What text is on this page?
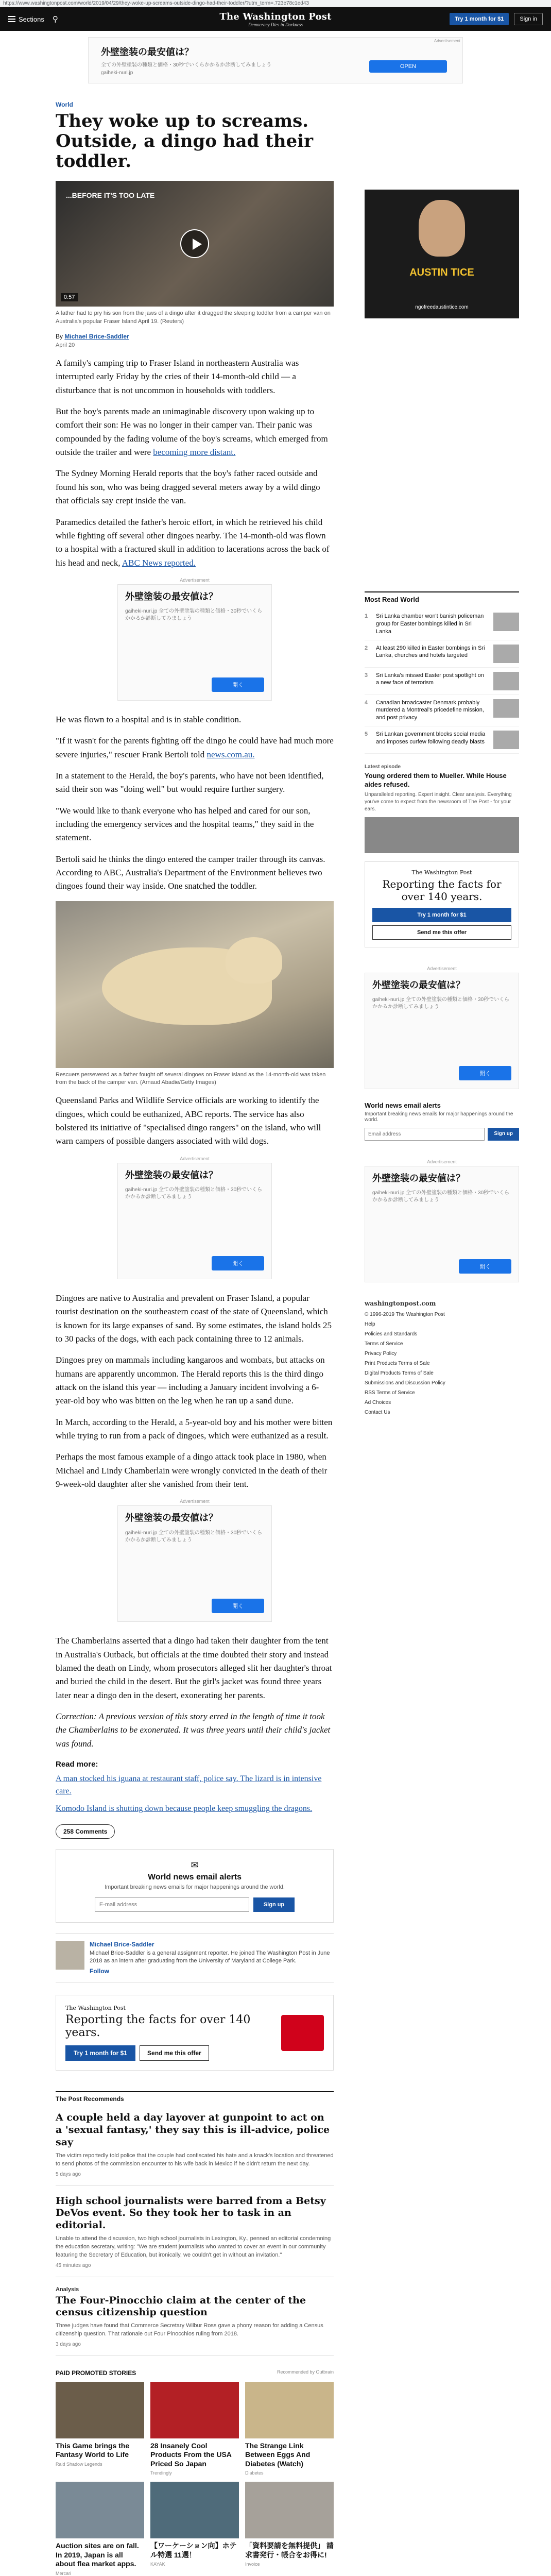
https://www.washingtonpost.com/world/2019/04/29/they-woke-up-screams-outside-dingo-had-their-toddler/?utm_term=.723e78c1ed43
Sections ⚲	The Washington Post
Democracy Dies in Darkness
Try 1 month for $1	Sign in
Advertisement
外壁塗装の最安値は？
全ての外壁塗装の種類と価格・30秒でいくらかかるか診断してみましょう
gaiheki-nuri.jp
OPEN
World
They woke up to screams. Outside, a dingo had their toddler.
...BEFORE IT'S TOO LATE
0:57
A father had to pry his son from the jaws of a dingo after it dragged the sleeping toddler from a camper van on Australia's popular Fraser Island April 19. (Reuters)
By Michael Brice-Saddler
April 20

A family's camping trip to Fraser Island in northeastern Australia was interrupted early Friday by the cries of their 14-month-old child — a disturbance that is not uncommon in households with toddlers.

But the boy's parents made an unimaginable discovery upon waking up to comfort their son: He was no longer in their camper van. Their panic was compounded by the fading volume of the boy's screams, which emerged from outside the trailer and were becoming more distant.

The Sydney Morning Herald reports that the boy's father raced outside and found his son, who was being dragged several meters away by a wild dingo that officials say crept inside the van.

Paramedics detailed the father's heroic effort, in which he retrieved his child while fighting off several other dingoes nearby. The 14-month-old was flown to a hospital with a fractured skull in addition to lacerations across the back of his head and neck, ABC News reported.

Advertisement
外壁塗装の最安値は？
gaiheki-nuri.jp 全ての外壁塗装の種類と価格・30秒でいくらかかるか診断してみましょう
開く

He was flown to a hospital and is in stable condition.

"If it wasn't for the parents fighting off the dingo he could have had much more severe injuries," rescuer Frank Bertoli told news.com.au.

In a statement to the Herald, the boy's parents, who have not been identified, said their son was "doing well" but would require further surgery.

"We would like to thank everyone who has helped and cared for our son, including the emergency services and the hospital teams," they said in the statement.

Bertoli said he thinks the dingo entered the camper trailer through its canvas. According to ABC, Australia's Department of the Environment believes two dingoes found their way inside. One snatched the toddler.

Rescuers persevered as a father fought off several dingoes on Fraser Island as the 14-month-old was taken from the back of the camper van. (Arnaud Abadie/Getty Images)

Queensland Parks and Wildlife Service officials are working to identify the dingoes, which could be euthanized, ABC reports. The service has also bolstered its initiative of "specialised dingo rangers" on the island, who will warn campers of possible dangers associated with wild dogs.

Advertisement
外壁塗装の最安値は？
gaiheki-nuri.jp 全ての外壁塗装の種類と価格・30秒でいくらかかるか診断してみましょう
開く

Dingoes are native to Australia and prevalent on Fraser Island, a popular tourist destination on the southeastern coast of the state of Queensland, which is known for its large expanses of sand. By some estimates, the island holds 25 to 30 packs of the dogs, with each pack containing three to 12 animals.

Dingoes prey on mammals including kangaroos and wombats, but attacks on humans are apparently uncommon. The Herald reports this is the third dingo attack on the island this year — including a January incident involving a 6-year-old boy who was bitten on the leg when he ran up a sand dune.

In March, according to the Herald, a 5-year-old boy and his mother were bitten while trying to run from a pack of dingoes, which were euthanized as a result.

Perhaps the most famous example of a dingo attack took place in 1980, when Michael and Lindy Chamberlain were wrongly convicted in the death of their 9-week-old daughter after she vanished from their tent.

Advertisement
外壁塗装の最安値は？
gaiheki-nuri.jp 全ての外壁塗装の種類と価格・30秒でいくらかかるか診断してみましょう
開く

The Chamberlains asserted that a dingo had taken their daughter from the tent in Australia's Outback, but officials at the time doubted their story and instead blamed the death on Lindy, whom prosecutors alleged slit her daughter's throat and buried the child in the desert. But the girl's jacket was found three years later near a dingo den in the desert, exonerating her parents.

Correction: A previous version of this story erred in the length of time it took the Chamberlains to be exonerated. It was three years until their child's jacket was found.

Read more:
A man stocked his iguana at restaurant staff, police say. The lizard is in intensive care.
Komodo Island is shutting down because people keep smuggling the dragons.
258 Comments
✉
World news email alerts
Important breaking news emails for major happenings around the world.
E-mail address	Sign up
Michael Brice-Saddler
Michael Brice-Saddler is a general assignment reporter. He joined The Washington Post in June 2018 as an intern after graduating from the University of Maryland at College Park.
Follow
The Washington Post
Reporting the facts for over 140 years.
Try 1 month for $1	Send me this offer
The Post Recommends
A couple held a day layover at gunpoint to act on a 'sexual fantasy,' they say this is ill-advice, police say
The victim reportedly told police that the couple had confiscated his hate and a knack's location and threatened to send photos of the commission encounter to his wife back in Mexico if he didn't return the next day.
5 days ago
High school journalists were barred from a Betsy DeVos event. So they took her to task in an editorial.
Unable to attend the discussion, two high school journalists in Lexington, Ky., penned an editorial condemning the education secretary, writing: "We are student journalists who wanted to cover an event in our community featuring the Secretary of Education, but ironically, we couldn't get in without an invitation."
45 minutes ago
Analysis
The Four-Pinocchio claim at the center of the census citizenship question
Three judges have found that Commerce Secretary Wilbur Ross gave a phony reason for adding a Census citizenship question. That rationale out Four Pinocchios ruling from 2018.
3 days ago
PAID PROMOTED STORIES	Recommended by Outbrain
This Game brings the Fantasy World to Life
Raid Shadow Legends
28 Insanely Cool Products From the USA Priced So Japan
Trendingly
The Strange Link Between Eggs And Diabetes (Watch)
Diabetes
Auction sites are on fall. In 2019, Japan is all about flea market apps.
Mercari
【ワーケーション向】ホテル特選 11選！
KAYAK
「資料要請を無料提供」 請求書発行・帳合をお得に!
Invoice
AUSTIN TICE
ngofreedaustintice.com
Most Read World
1	Sri Lanka chamber won't banish policeman group for Easter bombings killed in Sri Lanka
2	At least 290 killed in Easter bombings in Sri Lanka, churches and hotels targeted
3	Sri Lanka's missed Easter post spotlight on a new face of terrorism
4	Canadian broadcaster Denmark probably murdered a Montreal's pricedefine mission, and post privacy
5	Sri Lankan government blocks social media and imposes curfew following deadly blasts
Latest episode
Young ordered them to Mueller. While House aides refused.
Unparalleled reporting. Expert insight. Clear analysis. Everything you've come to expect from the newsroom of The Post - for your ears.
The Washington Post
Reporting the facts for over 140 years.
Try 1 month for $1
Send me this offer
Advertisement
外壁塗装の最安値は？
gaiheki-nuri.jp 全ての外壁塗装の種類と価格・30秒でいくらかかるか診断してみましょう
開く
World news email alerts
Important breaking news emails for major happenings around the world.
Email address	Sign up
Advertisement
外壁塗装の最安値は？
gaiheki-nuri.jp 全ての外壁塗装の種類と価格・30秒でいくらかかるか診断してみましょう
開く
washingtonpost.com
© 1996-2019 The Washington Post
Help
Policies and Standards
Terms of Service
Privacy Policy
Print Products Terms of Sale
Digital Products Terms of Sale
Submissions and Discussion Policy
RSS Terms of Service
Ad Choices
Contact Us
